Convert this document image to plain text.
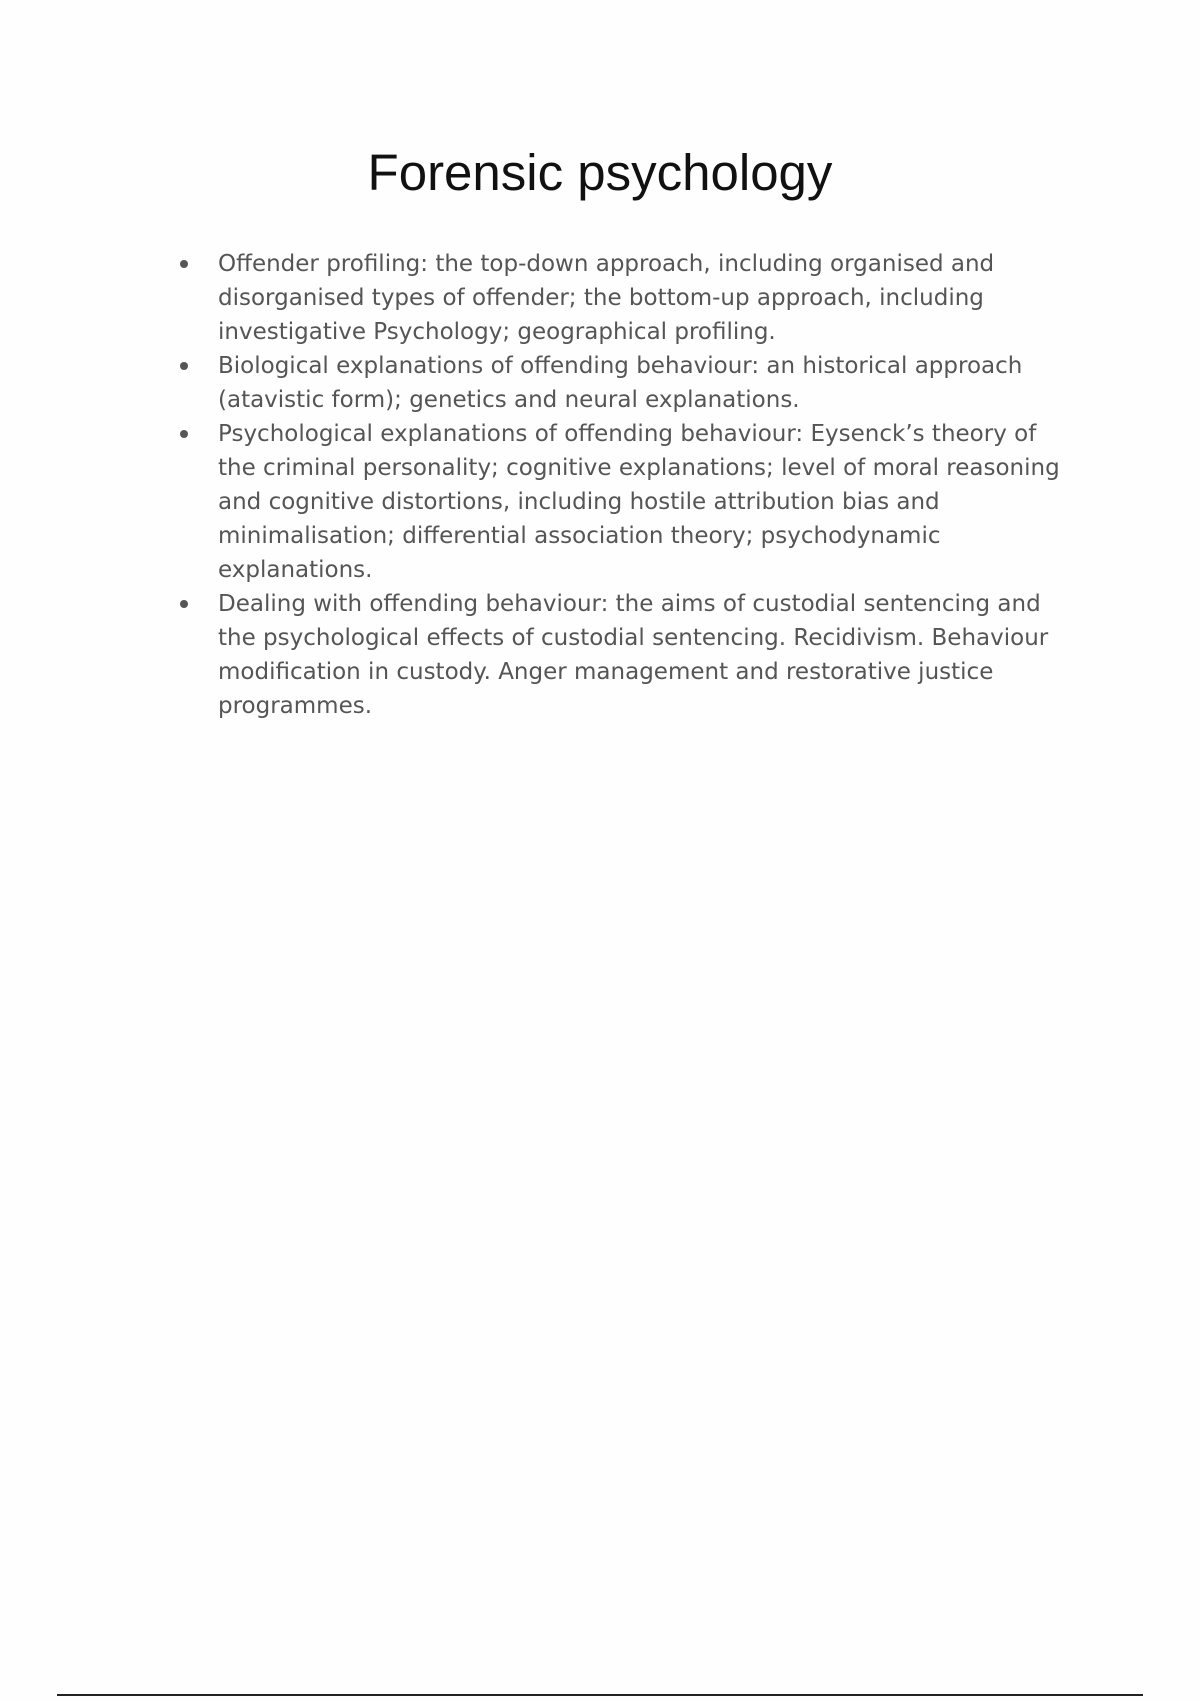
Forensic psychology
Offender profiling: the top-down approach, including organised and disorganised types of offender; the bottom-up approach, including investigative Psychology; geographical profiling.
Biological explanations of offending behaviour: an historical approach (atavistic form); genetics and neural explanations.
Psychological explanations of offending behaviour: Eysenck’s theory of the criminal personality; cognitive explanations; level of moral reasoning and cognitive distortions, including hostile attribution bias and minimalisation; differential association theory; psychodynamic explanations.
Dealing with offending behaviour: the aims of custodial sentencing and the psychological effects of custodial sentencing. Recidivism. Behaviour modification in custody. Anger management and restorative justice programmes.
